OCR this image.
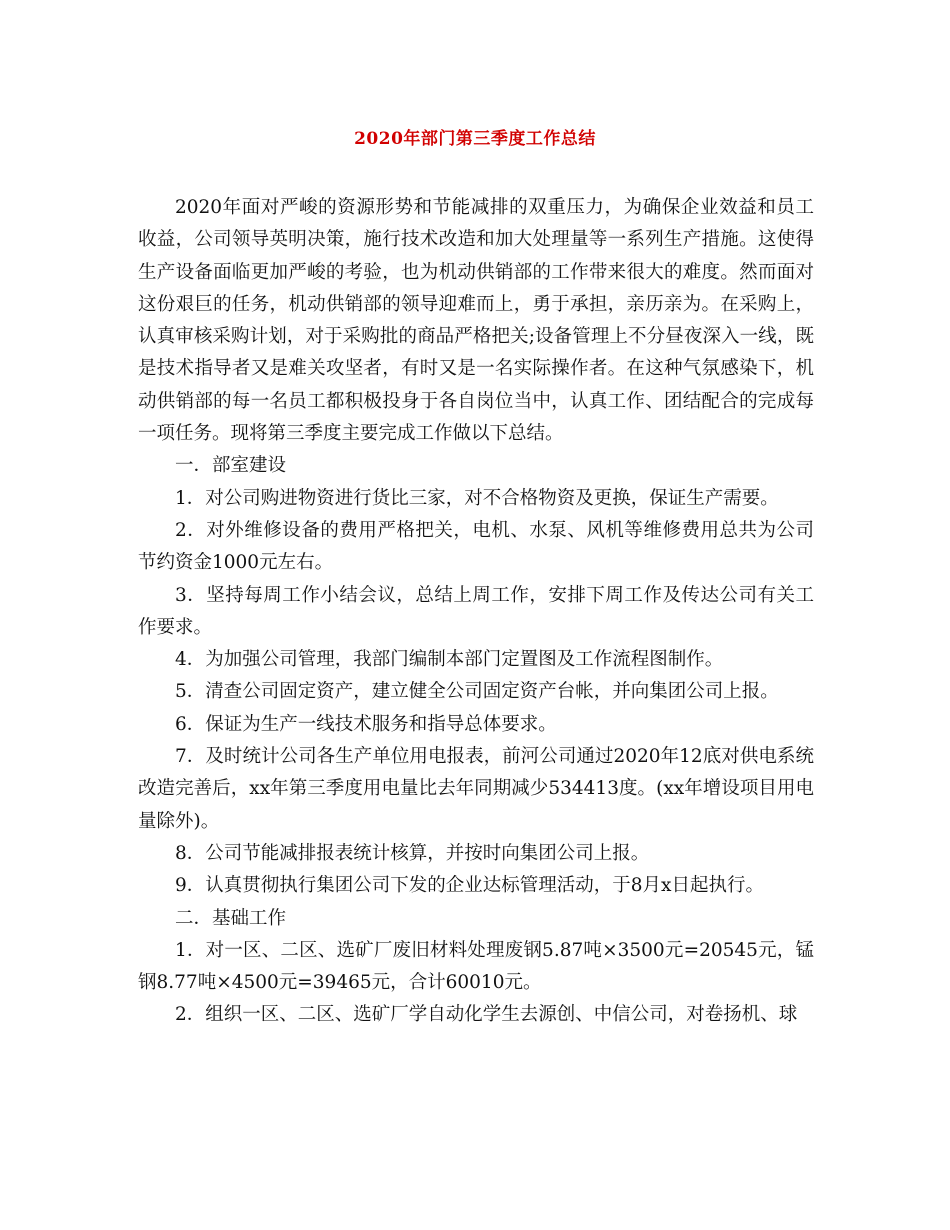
2020年部门第三季度工作总结

2020年面对严峻的资源形势和节能减排的双重压力，为确保企业效益和员工收益，公司领导英明决策，施行技术改造和加大处理量等一系列生产措施。这使得生产设备面临更加严峻的考验，也为机动供销部的工作带来很大的难度。然而面对这份艰巨的任务，机动供销部的领导迎难而上，勇于承担，亲历亲为。在采购上，认真审核采购计划，对于采购批的商品严格把关;设备管理上不分昼夜深入一线，既是技术指导者又是难关攻坚者，有时又是一名实际操作者。在这种气氛感染下，机动供销部的每一名员工都积极投身于各自岗位当中，认真工作、团结配合的完成每一项任务。现将第三季度主要完成工作做以下总结。

一．部室建设

1．对公司购进物资进行货比三家，对不合格物资及更换，保证生产需要。

2．对外维修设备的费用严格把关，电机、水泵、风机等维修费用总共为公司节约资金1000元左右。

3．坚持每周工作小结会议，总结上周工作，安排下周工作及传达公司有关工作要求。

4．为加强公司管理，我部门编制本部门定置图及工作流程图制作。

5．清查公司固定资产，建立健全公司固定资产台帐，并向集团公司上报。

6．保证为生产一线技术服务和指导总体要求。

7．及时统计公司各生产单位用电报表，前河公司通过2020年12底对供电系统改造完善后，xx年第三季度用电量比去年同期减少534413度。(xx年增设项目用电量除外)。

8．公司节能减排报表统计核算，并按时向集团公司上报。

9．认真贯彻执行集团公司下发的企业达标管理活动，于8月x日起执行。

二．基础工作

1．对一区、二区、选矿厂废旧材料处理废钢5.87吨×3500元=20545元，锰钢8.77吨×4500元=39465元，合计60010元。

2．组织一区、二区、选矿厂学自动化学生去源创、中信公司，对卷扬机、球
